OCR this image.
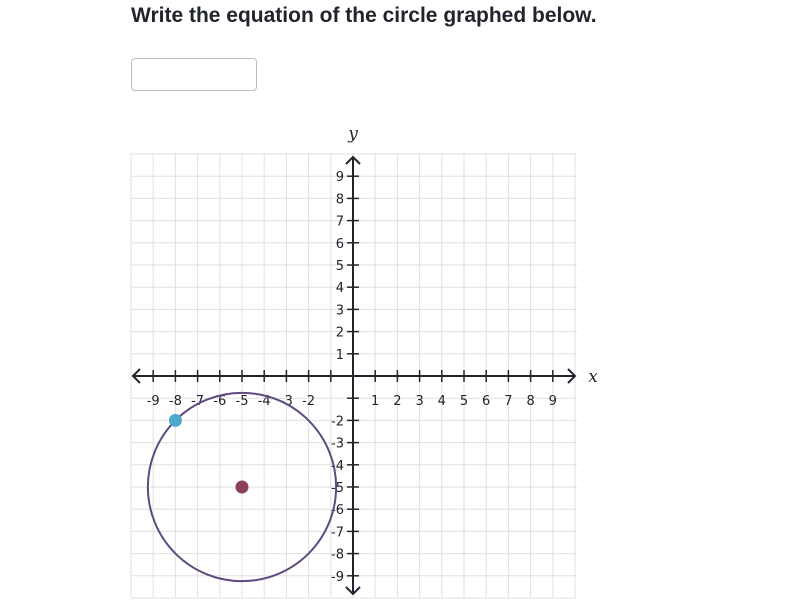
Write the equation of the circle graphed below.
-9 -8 -7 -6 -5 -4 -3 -2	1 2 3 4 5 6 7 8 9
9
8
7
6
5
4
3
2
1
-2
-3
-4
-5
-6
-7
-8
-9
x
y
